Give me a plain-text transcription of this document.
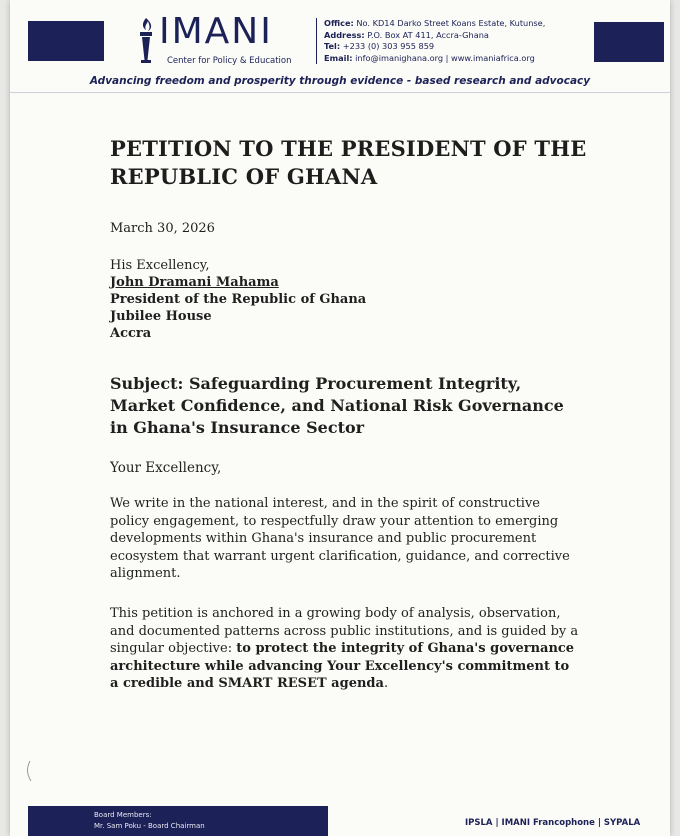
IMANI
Center for Policy & Education
Office: No. KD14 Darko Street Koans Estate, Kutunse,
Address: P.O. Box AT 411, Accra-Ghana
Tel: +233 (0) 303 955 859
Email: info@imanighana.org | www.imaniafrica.org
Advancing freedom and prosperity through evidence - based research and advocacy
PETITION TO THE PRESIDENT OF THE
REPUBLIC OF GHANA
March 30, 2026
His Excellency,
John Dramani Mahama
President of the Republic of Ghana
Jubilee House
Accra
Subject: Safeguarding Procurement Integrity, Market Confidence, and National Risk Governance in Ghana's Insurance Sector
Your Excellency,

We write in the national interest, and in the spirit of constructive policy engagement, to respectfully draw your attention to emerging developments within Ghana's insurance and public procurement ecosystem that warrant urgent clarification, guidance, and corrective alignment.

This petition is anchored in a growing body of analysis, observation, and documented patterns across public institutions, and is guided by a singular objective: to protect the integrity of Ghana's governance architecture while advancing Your Excellency's commitment to a credible and SMART RESET agenda.

Board Members:
Mr. Sam Poku - Board Chairman	IPSLA | IMANI Francophone | SYPALA
